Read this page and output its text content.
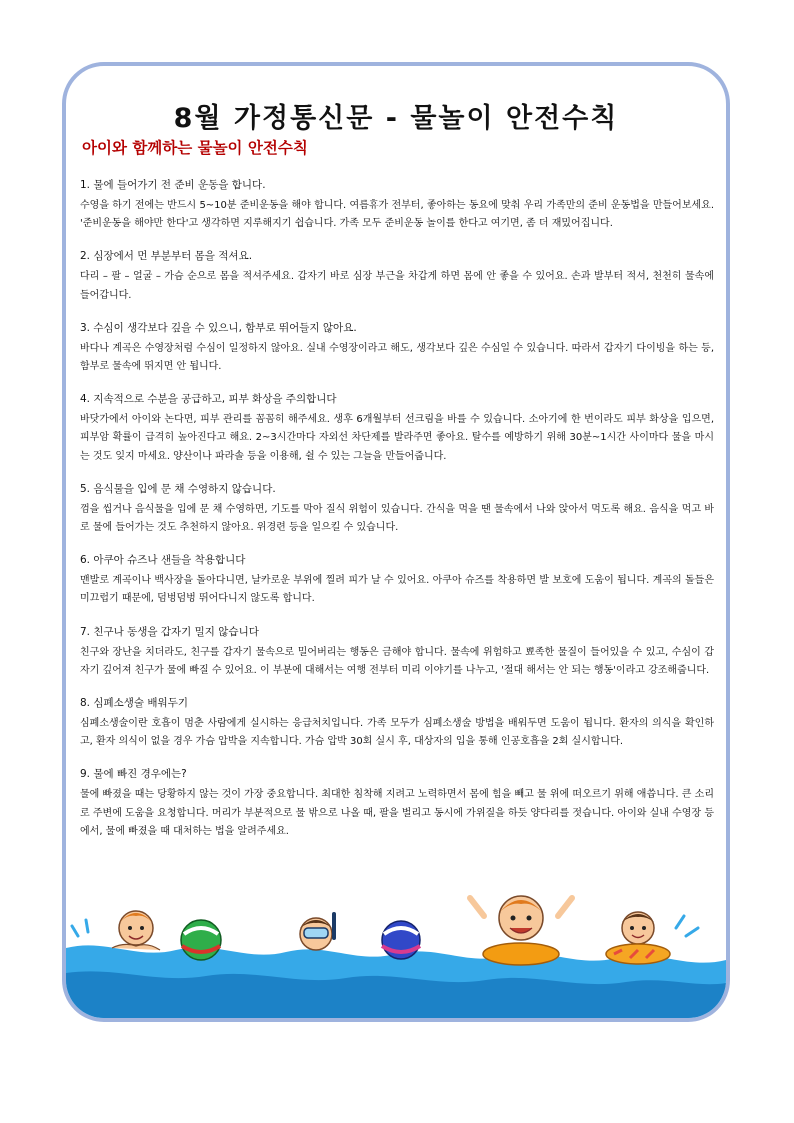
8월 가정통신문 - 물놀이 안전수칙
아이와 함께하는 물놀이 안전수칙
1. 물에 들어가기 전 준비 운동을 합니다.

수영을 하기 전에는 반드시 5~10분 준비운동을 해야 합니다. 여름휴가 전부터, 좋아하는 동요에 맞춰 우리 가족만의 준비 운동법을 만들어보세요. '준비운동을 해야만 한다'고 생각하면 지루해지기 쉽습니다. 가족 모두 준비운동 놀이를 한다고 여기면, 좀 더 재밌어집니다.

2. 심장에서 먼 부분부터 몸을 적셔요.

다리 – 팔 – 얼굴 – 가슴 순으로 몸을 적셔주세요. 갑자기 바로 심장 부근을 차갑게 하면 몸에 안 좋을 수 있어요. 손과 발부터 적셔, 천천히 물속에 들어갑니다.

3. 수심이 생각보다 깊을 수 있으니, 함부로 뛰어들지 않아요.

바다나 계곡은 수영장처럼 수심이 일정하지 않아요. 실내 수영장이라고 해도, 생각보다 깊은 수심일 수 있습니다. 따라서 갑자기 다이빙을 하는 등, 함부로 물속에 뛰지면 안 됩니다.

4. 지속적으로 수분을 공급하고, 피부 화상을 주의합니다

바닷가에서 아이와 논다면, 피부 관리를 꼼꼼히 해주세요. 생후 6개월부터 선크림을 바를 수 있습니다. 소아기에 한 번이라도 피부 화상을 입으면, 피부암 확률이 급격히 높아진다고 해요. 2~3시간마다 자외선 차단제를 발라주면 좋아요. 탈수를 예방하기 위해 30분~1시간 사이마다 물을 마시는 것도 잊지 마세요. 양산이나 파라솔 등을 이용해, 쉴 수 있는 그늘을 만들어줍니다.

5. 음식물을 입에 문 채 수영하지 않습니다.

껌을 씹거나 음식물을 입에 문 채 수영하면, 기도를 막아 질식 위험이 있습니다. 간식을 먹을 땐 물속에서 나와 앉아서 먹도록 해요. 음식을 먹고 바로 물에 들어가는 것도 추천하지 않아요. 위경련 등을 일으킬 수 있습니다.

6. 아쿠아 슈즈나 샌들을 착용합니다

맨발로 계곡이나 백사장을 돌아다니면, 날카로운 부위에 찔려 피가 날 수 있어요. 아쿠아 슈즈를 착용하면 발 보호에 도움이 됩니다. 계곡의 돌들은 미끄럽기 때문에, 덤벙덤벙 뛰어다니지 않도록 합니다.

7. 친구나 동생을 갑자기 밀지 않습니다

친구와 장난을 치더라도, 친구를 갑자기 물속으로 밀어버리는 행동은 금해야 합니다. 물속에 위험하고 뾰족한 물질이 들어있을 수 있고, 수심이 갑자기 깊어져 친구가 물에 빠질 수 있어요. 이 부분에 대해서는 여행 전부터 미리 이야기를 나누고, '절대 해서는 안 되는 행동'이라고 강조해줍니다.

8. 심폐소생술 배워두기

심폐소생술이란 호흡이 멈춘 사람에게 실시하는 응급처치입니다. 가족 모두가 심폐소생술 방법을 배워두면 도움이 됩니다. 환자의 의식을 확인하고, 환자 의식이 없을 경우 가슴 압박을 지속합니다. 가슴 압박 30회 실시 후, 대상자의 입을 통해 인공호흡을 2회 실시합니다.

9. 물에 빠진 경우에는?

물에 빠졌을 때는 당황하지 않는 것이 가장 중요합니다. 최대한 침착해 지려고 노력하면서 몸에 힘을 빼고 물 위에 떠오르기 위해 애씁니다. 큰 소리로 주변에 도움을 요청합니다. 머리가 부분적으로 물 밖으로 나올 때, 팔을 벌리고 동시에 가위질을 하듯 양다리를 젓습니다. 아이와 실내 수영장 등에서, 물에 빠졌을 때 대처하는 법을 알려주세요.
